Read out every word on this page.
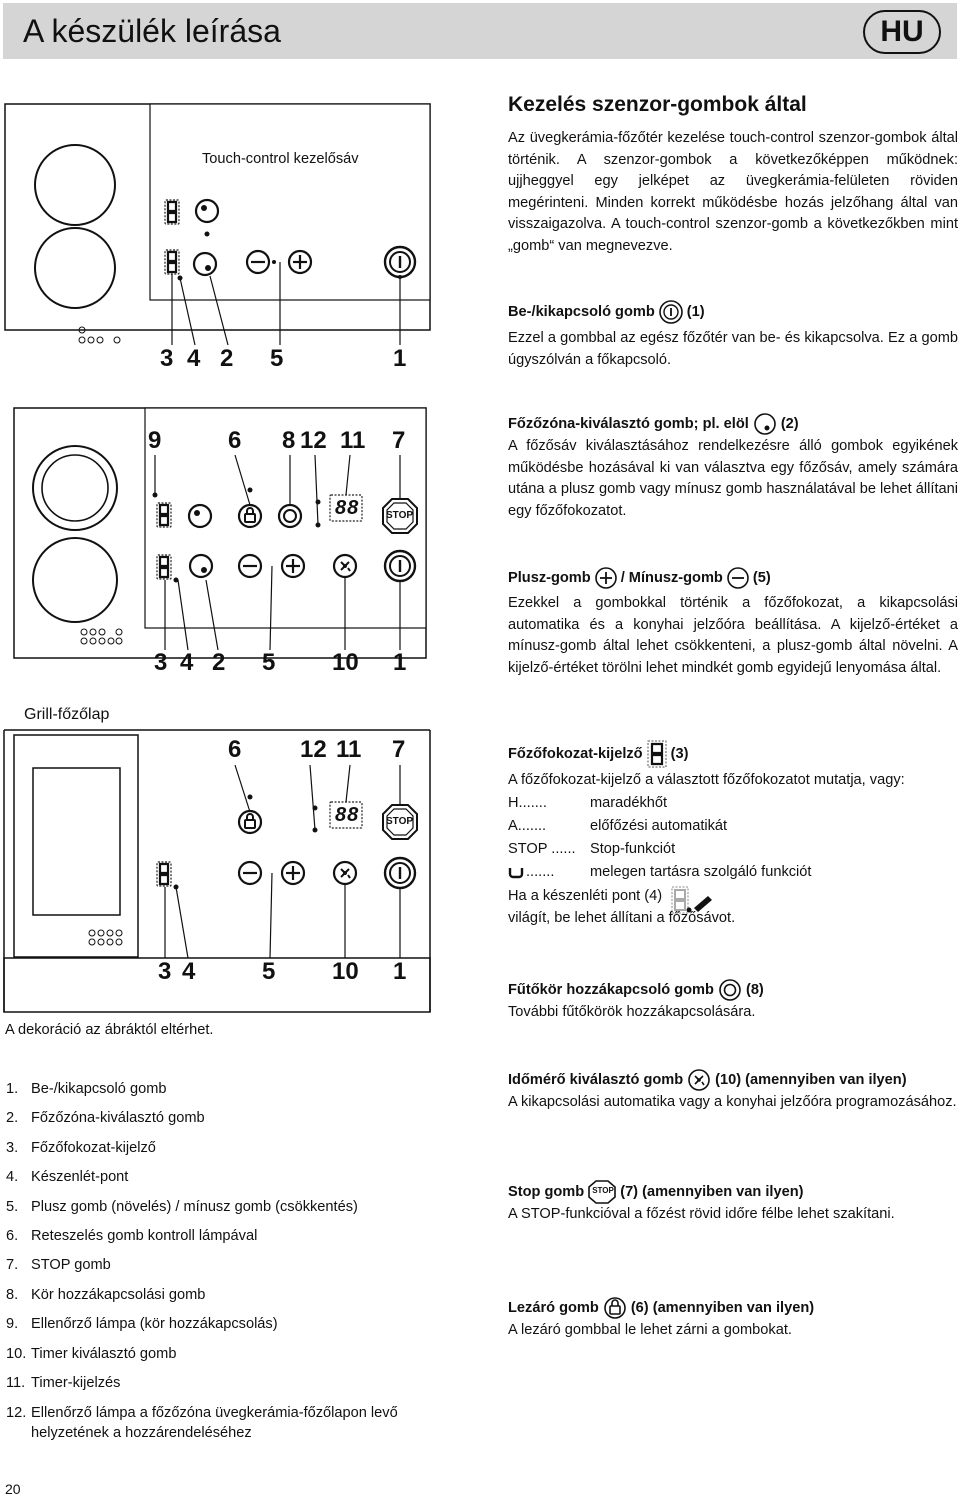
A készülék leírása	HU
Touch-control kezelősáv
3 4 2 5	1
9	6 8 12 11 7
88	STOP
3 4 2 5 10 1
Grill-főzőlap
6 12 11 7
88	STOP
3 4	5 10 1
A dekoráció az ábráktól eltérhet.
1. Be-/kikapcsoló gomb
2. Főzőzóna-kiválasztó gomb
3. Főzőfokozat-kijelző
4. Készenlét-pont
5. Plusz gomb (növelés) / mínusz gomb (csökkentés)
6. Reteszelés gomb kontroll lámpával
7. STOP gomb
8. Kör hozzákapcsolási gomb
9. Ellenőrző lámpa (kör hozzákapcsolás)
10. Timer kiválasztó gomb
11. Timer-kijelzés
12. Ellenőrző lámpa a főzőzóna üvegkerámia-főzőlapon levő helyzetének a hozzárendeléséhez
20
Kezelés szenzor-gombok által

Az üvegkerámia-főzőtér kezelése touch-control szenzor-gombok által történik. A szenzor-gombok a következőképpen működnek: ujjheggyel egy jelképet az üvegkerámia-felületen röviden megérinteni. Minden korrekt működésbe hozás jelzőhang által van visszaigazolva. A touch-control szenzor-gomb a következőkben mint „gomb“ van megnevezve.

Be-/kikapcsoló gomb (1)

Ezzel a gombbal az egész főzőtér van be- és kikapcsolva. Ez a gomb úgyszólván a főkapcsoló.

Főzőzóna-kiválasztó gomb; pl. elöl (2)

A főzősáv kiválasztásához rendelkezésre álló gombok egyikének működésbe hozásával ki van választva egy főzősáv, amely számára utána a plusz gomb vagy mínusz gomb használatával be lehet állítani egy főzőfokozatot.

Plusz-gomb / Mínusz-gomb (5)

Ezekkel a gombokkal történik a főzőfokozat, a kikapcsolási automatika és a konyhai jelzőóra beállítása. A kijelző-értéket a mínusz-gomb által lehet csökkenteni, a plusz-gomb által növelni. A kijelző-értéket törölni lehet mindkét gomb egyidejű lenyomása által.

Főzőfokozat-kijelző (3)

A főzőfokozat-kijelző a választott főzőfokozatot mutatja, vagy:

H.......	maradékhőt
A.......	előfőzési automatikát
STOP ...... Stop-funkciót
....... melegen tartásra szolgáló funkciót
Ha a készenléti pont (4)

világít, be lehet állítani a főzősávot.

Fűtőkör hozzákapcsoló gomb (8)

További fűtőkörök hozzákapcsolására.

Időmérő kiválasztó gomb (10) (amennyiben van ilyen)

A kikapcsolási automatika vagy a konyhai jelzőóra programozásához.

Stop gomb STOP (7) (amennyiben van ilyen)

A STOP-funkcióval a főzést rövid időre félbe lehet szakítani.

Lezáró gomb (6) (amennyiben van ilyen)

A lezáró gombbal le lehet zárni a gombokat.
